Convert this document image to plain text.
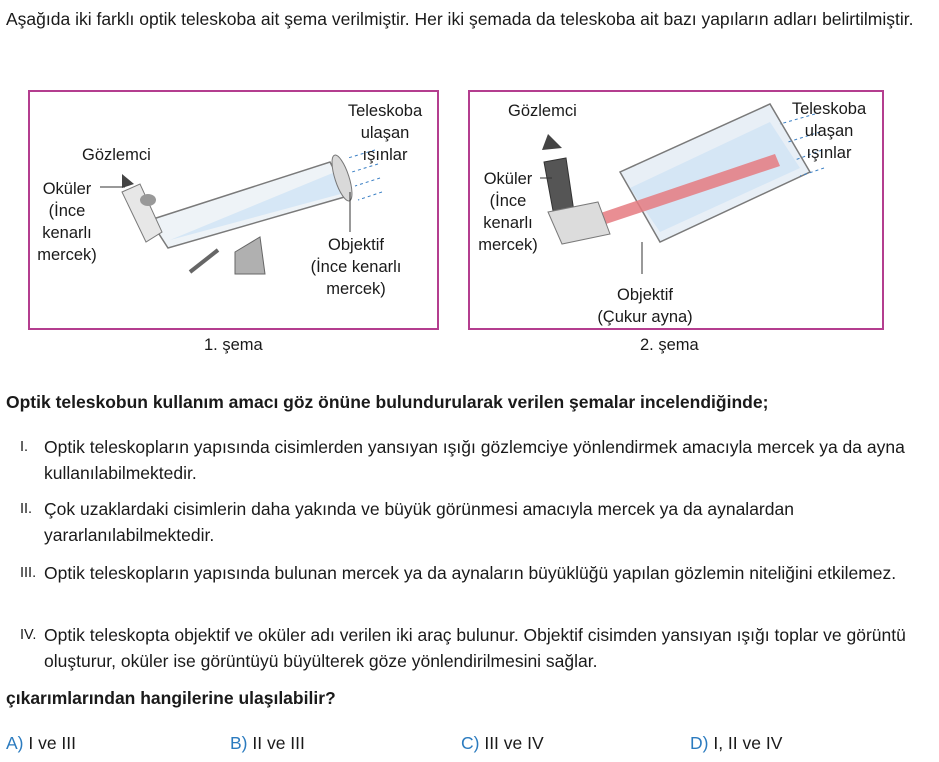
Aşağıda iki farklı optik teleskoba ait şema verilmiştir. Her iki şemada da teleskoba ait bazı yapıların adları belirtilmiştir.
Teleskoba
ulaşan
ışınlar
Gözlemci
Oküler
(İnce
kenarlı
mercek)
Objektif
(İnce kenarlı
mercek)
Teleskoba
ulaşan
ışınlar
Gözlemci
Oküler
(İnce
kenarlı
mercek)
Objektif
(Çukur ayna)
1. şema	2. şema
Optik teleskobun kullanım amacı göz önüne bulundurularak verilen şemalar incelendiğinde;
I. Optik teleskopların yapısında cisimlerden yansıyan ışığı gözlemciye yönlendirmek amacıyla mercek ya da ayna kullanılabilmektedir.
II. Çok uzaklardaki cisimlerin daha yakında ve büyük görünmesi amacıyla mercek ya da aynalardan yararlanılabilmektedir.
III. Optik teleskopların yapısında bulunan mercek ya da aynaların büyüklüğü yapılan gözlemin niteliğini etkilemez.
IV. Optik teleskopta objektif ve oküler adı verilen iki araç bulunur. Objektif cisimden yansıyan ışığı toplar ve görüntü oluşturur, oküler ise görüntüyü büyülterek göze yönlendirilmesini sağlar.
çıkarımlarından hangilerine ulaşılabilir?
A) I ve III	B) II ve III	C) III ve IV	D) I, II ve IV
